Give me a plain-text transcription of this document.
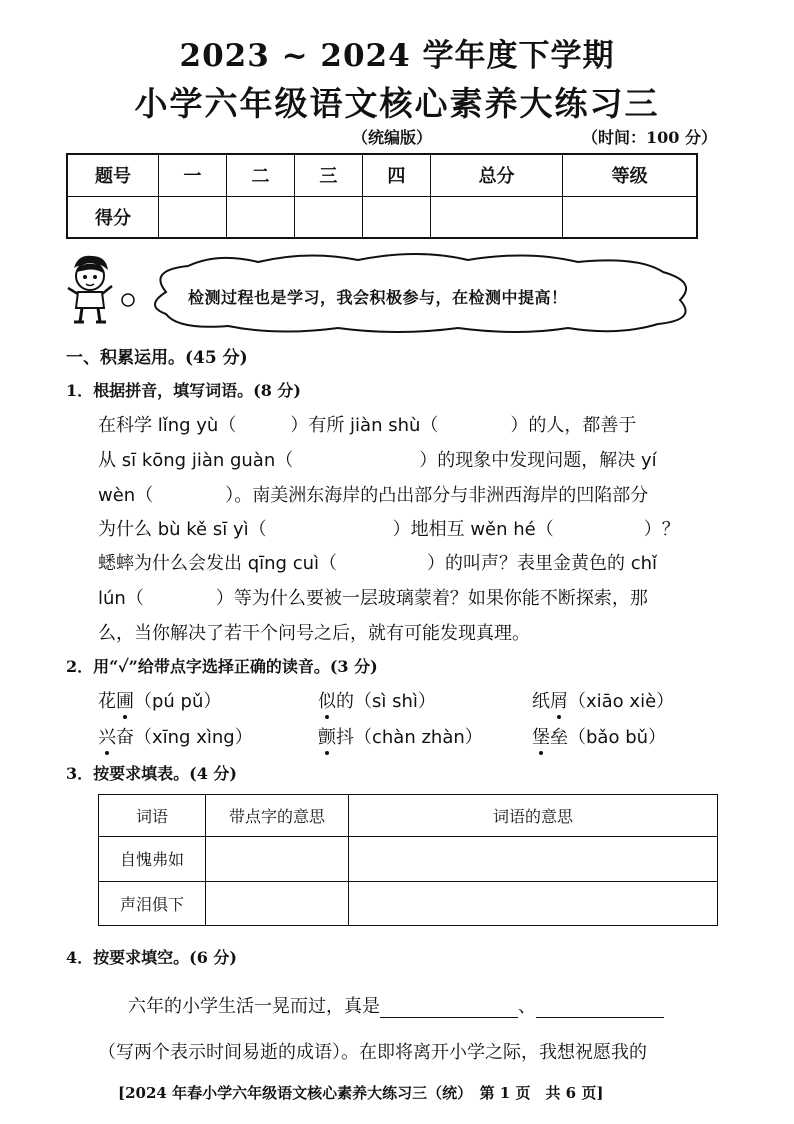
2023 ~ 2024 学年度下学期
小学六年级语文核心素养大练习三
（统编版）	（时间：100 分）
题号	一	二	三	四	总分	等级
得分						
检测过程也是学习，我会积极参与，在检测中提高！
一、积累运用。(45 分)
1．根据拼音，填写词语。(8 分)
在科学 lǐng yù（　　　）有所 jiàn shù（　　　　）的人，都善于
从 sī kōng jiàn guàn（　　　　　　　）的现象中发现问题，解决 yí
wèn（　　　　）。南美洲东海岸的凸出部分与非洲西海岸的凹陷部分
为什么 bù kě sī yì（　　　　　　　）地相互 wěn hé（　　　　　）？
蟋蟀为什么会发出 qīng cuì（　　　　　）的叫声？表里金黄色的 chǐ
lún（　　　　）等为什么要被一层玻璃蒙着？如果你能不断探索，那
么，当你解决了若干个问号之后，就有可能发现真理。
2．用“✓”给带点字选择正确的读音。(3 分)
花圃（pú pǔ）	似的（sì shì）	纸屑（xiāo xiè）
兴奋（xīng xìng）	颤抖（chàn zhàn）	堡垒（bǎo bǔ）
3．按要求填表。(4 分)
词语	带点字的意思	词语的意思
自愧弗如		
声泪俱下		
4．按要求填空。(6 分)
六年的小学生活一晃而过，真是	、
（写两个表示时间易逝的成语）。在即将离开小学之际，我想祝愿我的
[2024 年春小学六年级语文核心素养大练习三（统）　第 1 页　共 6 页]
